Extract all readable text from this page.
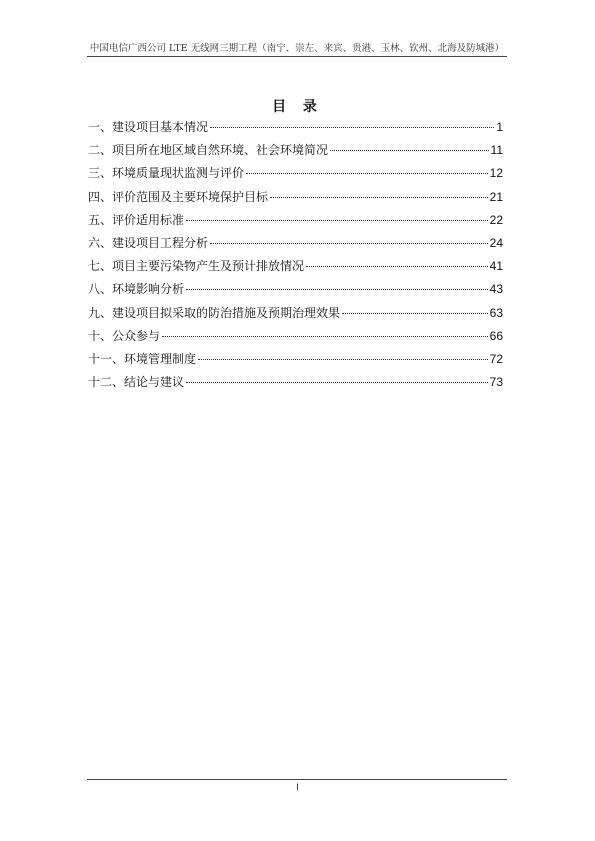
中国电信广西公司 LTE 无线网三期工程（南宁、崇左、来宾、贵港、玉林、钦州、北海及防城港）
目 录
一、建设项目基本情况	1
二、项目所在地区域自然环境、社会环境简况	11
三、环境质量现状监测与评价	12
四、评价范围及主要环境保护目标	21
五、评价适用标准	22
六、建设项目工程分析	24
七、项目主要污染物产生及预计排放情况	41
八、环境影响分析	43
九、建设项目拟采取的防治措施及预期治理效果	63
十、公众参与	66
十一、环境管理制度	72
十二、结论与建议	73
I
